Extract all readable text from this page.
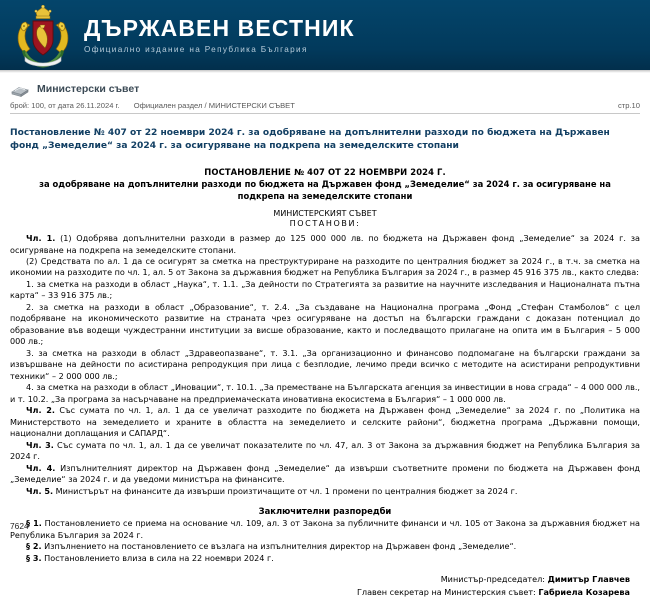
ДЪРЖАВЕН ВЕСТНИК
Официално издание на Република България
Министерски съвет
брой: 100, от дата 26.11.2024 г. Официален раздел / МИНИСТЕРСКИ СЪВЕТ	стр.10
Постановление № 407 от 22 ноември 2024 г. за одобряване на допълнителни разходи по бюджета на Държавен фонд „Земеделие“ за 2024 г. за осигуряване на подкрепа на земеделските стопани
ПОСТАНОВЛЕНИЕ № 407 ОТ 22 НОЕМВРИ 2024 Г.
за одобряване на допълнителни разходи по бюджета на Държавен фонд „Земеделие“ за 2024 г. за осигуряване на подкрепа на земеделските стопани
МИНИСТЕРСКИЯТ СЪВЕТ
ПОСТАНОВИ:

Чл. 1. (1) Одобрява допълнителни разходи в размер до 125 000 000 лв. по бюджета на Държавен фонд „Земеделие“ за 2024 г. за осигуряване на подкрепа на земеделските стопани.

(2) Средствата по ал. 1 да се осигурят за сметка на преструктуриране на разходите по централния бюджет за 2024 г., в т.ч. за сметка на икономии на разходите по чл. 1, ал. 5 от Закона за държавния бюджет на Република България за 2024 г., в размер 45 916 375 лв., както следва:

1. за сметка на разходи в област „Наука“, т. 1.1. „За дейности по Стратегията за развитие на научните изследвания и Националната пътна карта“ – 33 916 375 лв.;

2. за сметка на разходи в област „Образование“, т. 2.4. „За създаване на Национална програма „Фонд „Стефан Стамболов“ с цел подобряване на икономическото развитие на страната чрез осигуряване на достъп на български граждани с доказан потенциал до образование във водещи чуждестранни институции за висше образование, както и последващото прилагане на опита им в България – 5 000 000 лв.;

3. за сметка на разходи в област „Здравеопазване“, т. 3.1. „За организационно и финансово подпомагане на български граждани за извършване на дейности по асистирана репродукция при лица с безплодие, лечимо преди всичко с методите на асистирани репродуктивни техники“ – 2 000 000 лв.;

4. за сметка на разходи в област „Иновации“, т. 10.1. „За преместване на Българската агенция за инвестиции в нова сграда“ – 4 000 000 лв., и т. 10.2. „За програма за насърчаване на предприемаческата иновативна екосистема в България“ – 1 000 000 лв.

Чл. 2. Със сумата по чл. 1, ал. 1 да се увеличат разходите по бюджета на Държавен фонд „Земеделие“ за 2024 г. по „Политика на Министерството на земеделието и храните в областта на земеделието и селските райони“, бюджетна програма „Държавни помощи, национални доплащания и САПАРД“.

Чл. 3. Със сумата по чл. 1, ал. 1 да се увеличат показателите по чл. 47, ал. 3 от Закона за държавния бюджет на Република България за 2024 г.

Чл. 4. Изпълнителният директор на Държавен фонд „Земеделие“ да извърши съответните промени по бюджета на Държавен фонд „Земеделие“ за 2024 г. и да уведоми министъра на финансите.

Чл. 5. Министърът на финансите да извърши произтичащите от чл. 1 промени по централния бюджет за 2024 г.

Заключителни разпоредби

§ 1. Постановлението се приема на основание чл. 109, ал. 3 от Закона за публичните финанси и чл. 105 от Закона за държавния бюджет на Република България за 2024 г.

§ 2. Изпълнението на постановлението се възлага на изпълнителния директор на Държавен фонд „Земеделие“.

§ 3. Постановлението влиза в сила на 22 ноември 2024 г.

Министър-председател: Димитър Главчев
Главен секретар на Министерския съвет: Габриела Козарева
7624
